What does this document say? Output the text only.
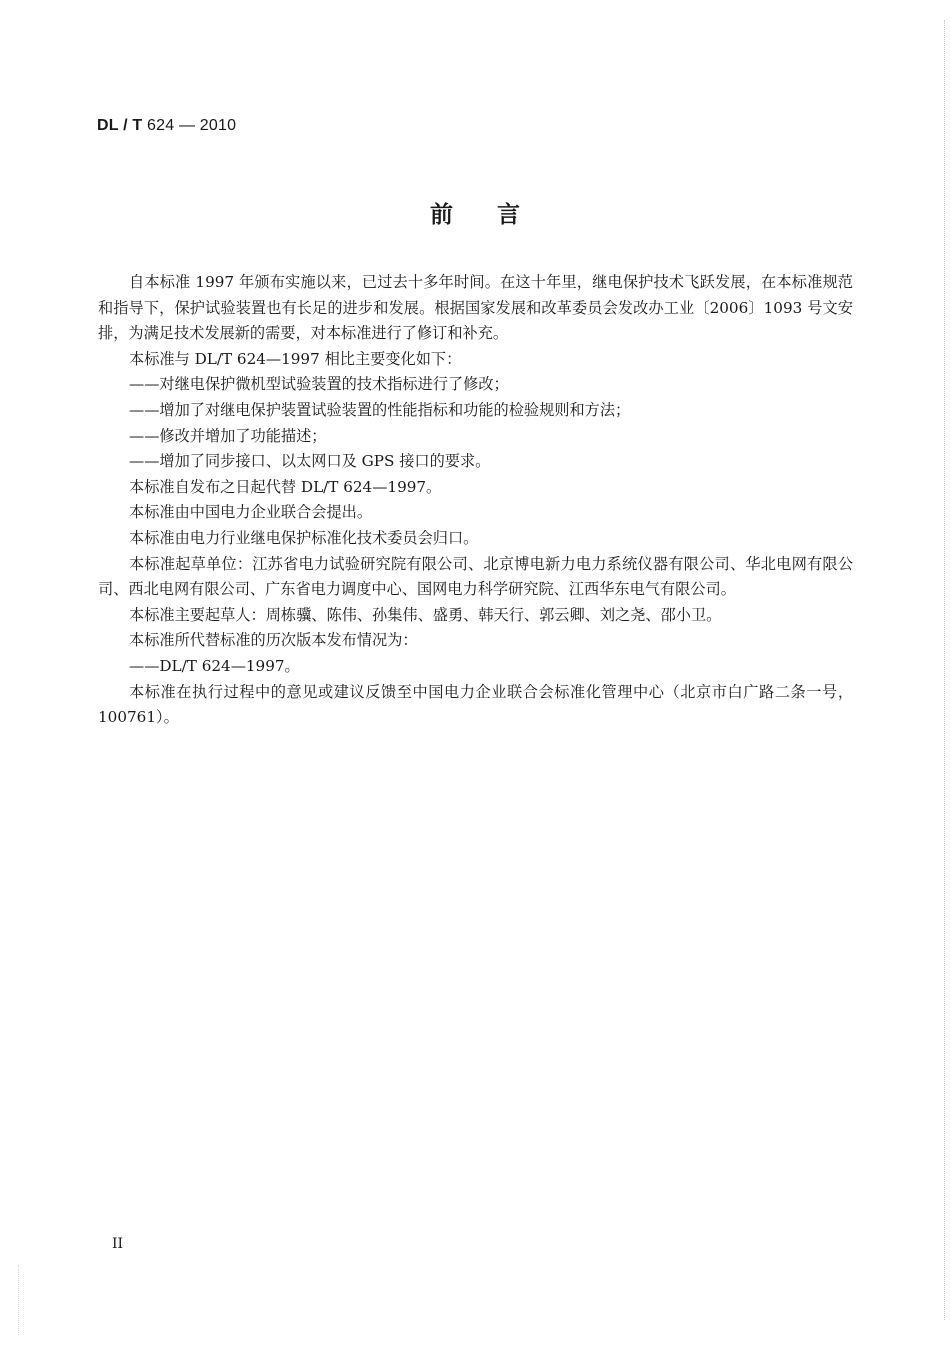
DL / T 624 — 2010
前言

自本标准 1997 年颁布实施以来，已过去十多年时间。在这十年里，继电保护技术飞跃发展，在本标准规范和指导下，保护试验装置也有长足的进步和发展。根据国家发展和改革委员会发改办工业〔2006〕1093 号文安排，为满足技术发展新的需要，对本标准进行了修订和补充。

本标准与 DL/T 624—1997 相比主要变化如下：

——对继电保护微机型试验装置的技术指标进行了修改；

——增加了对继电保护装置试验装置的性能指标和功能的检验规则和方法；

——修改并增加了功能描述；

——增加了同步接口、以太网口及 GPS 接口的要求。

本标准自发布之日起代替 DL/T 624—1997。

本标准由中国电力企业联合会提出。

本标准由电力行业继电保护标准化技术委员会归口。

本标准起草单位：江苏省电力试验研究院有限公司、北京博电新力电力系统仪器有限公司、华北电网有限公司、西北电网有限公司、广东省电力调度中心、国网电力科学研究院、江西华东电气有限公司。

本标准主要起草人：周栋骥、陈伟、孙集伟、盛勇、韩天行、郭云卿、刘之尧、邵小卫。

本标准所代替标准的历次版本发布情况为：

——DL/T 624—1997。

本标准在执行过程中的意见或建议反馈至中国电力企业联合会标准化管理中心（北京市白广路二条一号，100761）。

II
